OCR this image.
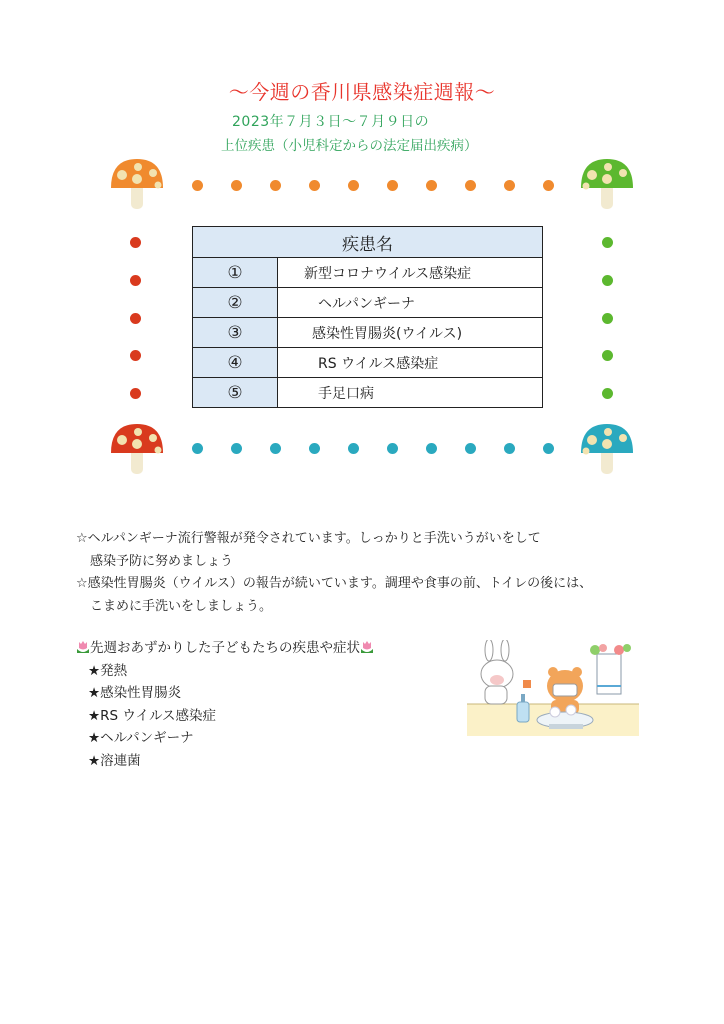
〜今週の香川県感染症週報〜
2023年７月３日〜７月９日の
上位疾患（小児科定からの法定届出疾病）
疾患名	
①	新型コロナウイルス感染症
②	ヘルパンギーナ
③	感染性胃腸炎(ウイルス)
④	RS ウイルス感染症
⑤	手足口病
☆ヘルパンギーナ流行警報が発令されています。しっかりと手洗いうがいをして
感染予防に努めましょう
☆感染性胃腸炎（ウイルス）の報告が続いています。調理や食事の前、トイレの後には、
こまめに手洗いをしましょう。
先週おあずかりした子どもたちの疾患や症状
★発熱
★感染性胃腸炎
★RS ウイルス感染症
★ヘルパンギーナ
★溶連菌
